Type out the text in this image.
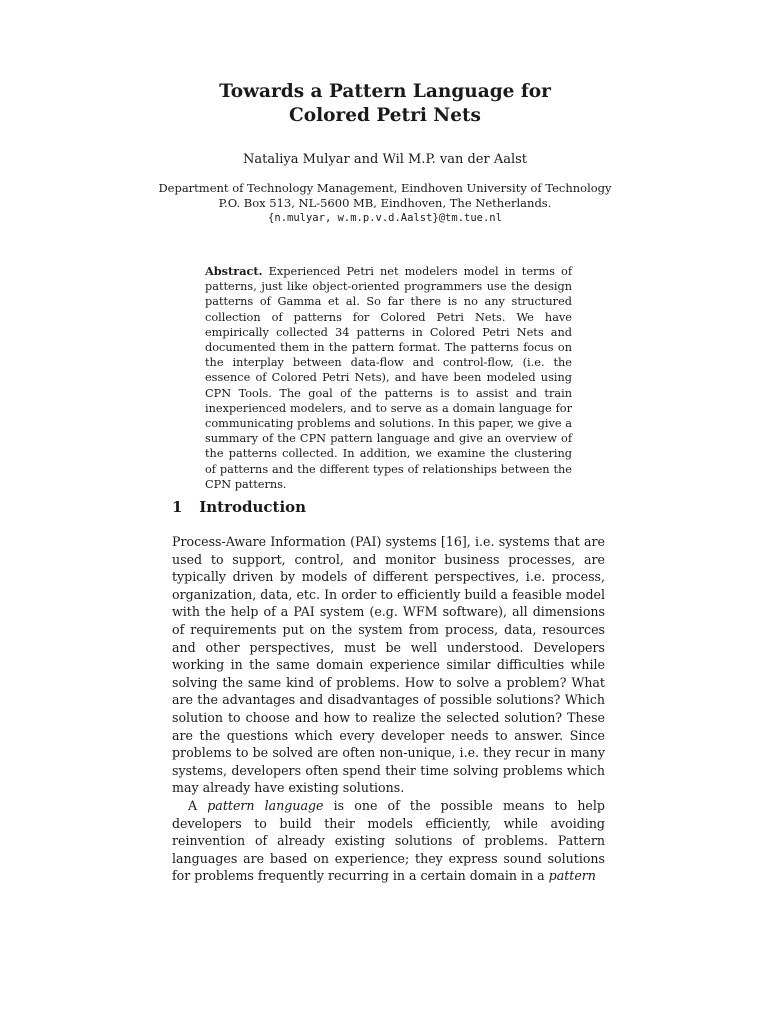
Towards a Pattern Language for
Colored Petri Nets
Nataliya Mulyar and Wil M.P. van der Aalst
Department of Technology Management, Eindhoven University of Technology
P.O. Box 513, NL-5600 MB, Eindhoven, The Netherlands.
{n.mulyar, w.m.p.v.d.Aalst}@tm.tue.nl
Abstract. Experienced Petri net modelers model in terms of patterns, just like object-oriented programmers use the design patterns of Gamma et al. So far there is no any structured collection of patterns for Colored Petri Nets. We have empirically collected 34 patterns in Colored Petri Nets and documented them in the pattern format. The patterns focus on the interplay between data-flow and control-flow, (i.e. the essence of Colored Petri Nets), and have been modeled using CPN Tools. The goal of the patterns is to assist and train inexperienced modelers, and to serve as a domain language for communicating problems and solutions. In this paper, we give a summary of the CPN pattern language and give an overview of the patterns collected. In addition, we examine the clustering of patterns and the different types of relationships between the CPN patterns.
1 Introduction

Process-Aware Information (PAI) systems [16], i.e. systems that are used to support, control, and monitor business processes, are typically driven by models of different perspectives, i.e. process, organization, data, etc. In order to efficiently build a feasible model with the help of a PAI system (e.g. WFM software), all dimensions of requirements put on the system from process, data, resources and other perspectives, must be well understood. Developers working in the same domain experience similar difficulties while solving the same kind of problems. How to solve a problem? What are the advantages and disadvantages of possible solutions? Which solution to choose and how to realize the selected solution? These are the questions which every developer needs to answer. Since problems to be solved are often non-unique, i.e. they recur in many systems, developers often spend their time solving problems which may already have existing solutions.

A pattern language is one of the possible means to help developers to build their models efficiently, while avoiding reinvention of already existing solutions of problems. Pattern languages are based on experience; they express sound solutions for problems frequently recurring in a certain domain in a pattern
